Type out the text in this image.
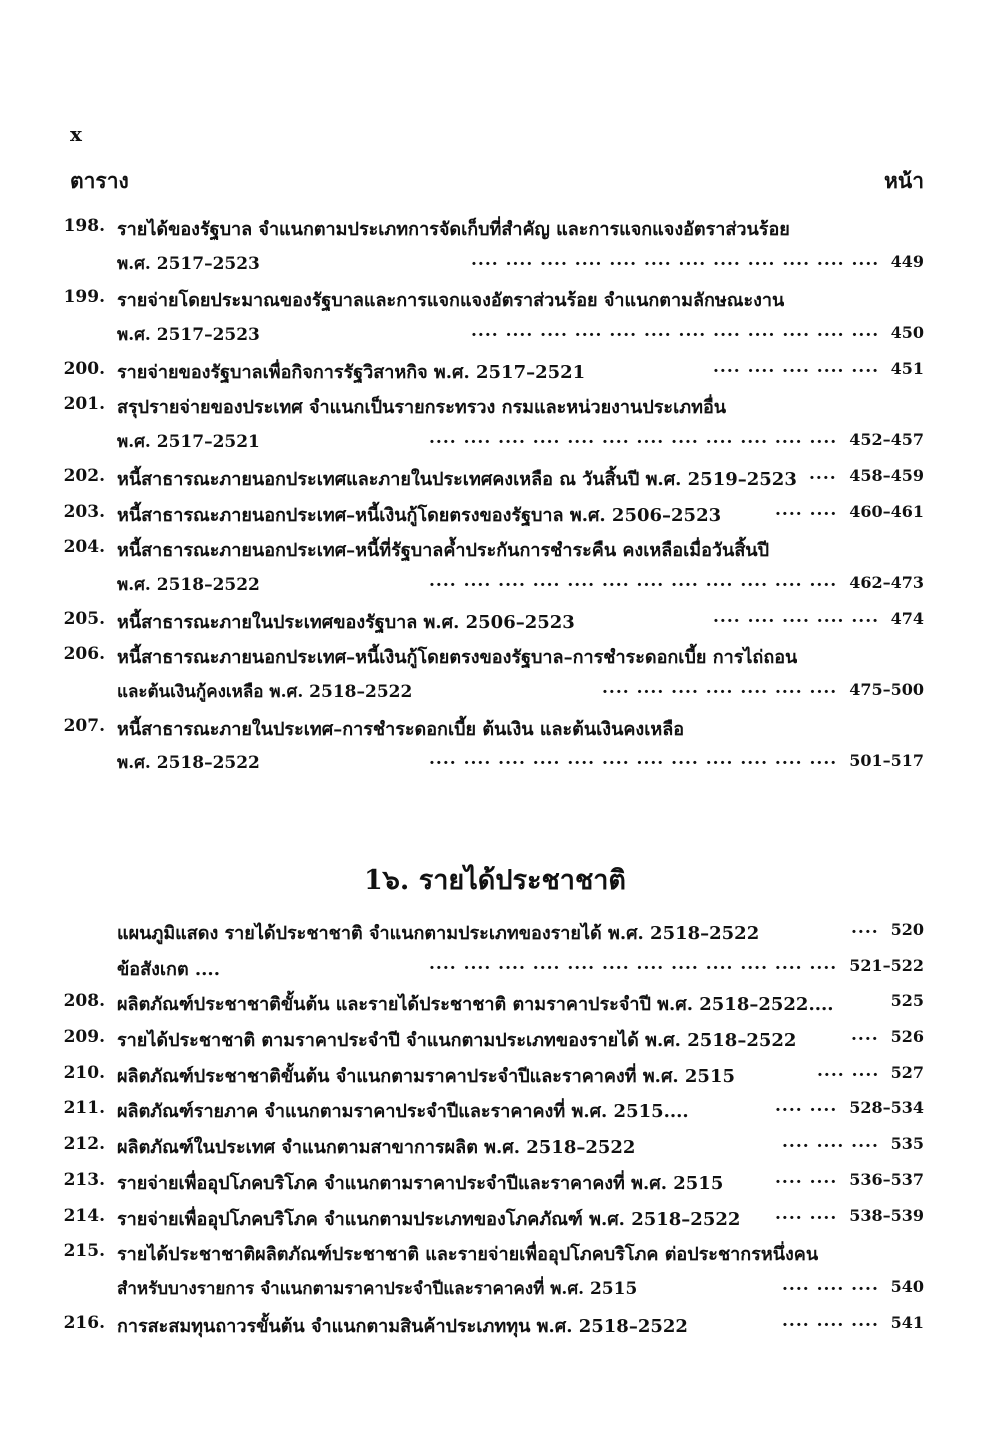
x
ตาราง	หน้า
198. รายได้ของรัฐบาล จำแนกตามประเภทการจัดเก็บที่สำคัญ และการแจกแจงอัตราส่วนร้อย
พ.ศ. 2517–2523	.... .... .... .... .... .... .... .... .... .... .... .... 449
199. รายจ่ายโดยประมาณของรัฐบาลและการแจกแจงอัตราส่วนร้อย จำแนกตามลักษณะงาน
พ.ศ. 2517–2523	.... .... .... .... .... .... .... .... .... .... .... .... 450
200. รายจ่ายของรัฐบาลเพื่อกิจการรัฐวิสาหกิจ พ.ศ. 2517–2521	.... .... .... .... .... 451
201. สรุปรายจ่ายของประเทศ จำแนกเป็นรายกระทรวง กรมและหน่วยงานประเภทอื่น
พ.ศ. 2517–2521	.... .... .... .... .... .... .... .... .... .... .... .... 452–457
202. หนี้สาธารณะภายนอกประเทศและภายในประเทศคงเหลือ ณ วันสิ้นปี พ.ศ. 2519–2523 .... 458–459
203. หนี้สาธารณะภายนอกประเทศ–หนี้เงินกู้โดยตรงของรัฐบาล พ.ศ. 2506–2523	.... .... 460–461
204. หนี้สาธารณะภายนอกประเทศ–หนี้ที่รัฐบาลค้ำประกันการชำระคืน คงเหลือเมื่อวันสิ้นปี
พ.ศ. 2518–2522	.... .... .... .... .... .... .... .... .... .... .... .... 462–473
205. หนี้สาธารณะภายในประเทศของรัฐบาล พ.ศ. 2506–2523	.... .... .... .... .... 474
206. หนี้สาธารณะภายนอกประเทศ–หนี้เงินกู้โดยตรงของรัฐบาล–การชำระดอกเบี้ย การไถ่ถอน
และต้นเงินกู้คงเหลือ พ.ศ. 2518–2522	.... .... .... .... .... .... .... 475–500
207. หนี้สาธารณะภายในประเทศ–การชำระดอกเบี้ย ต้นเงิน และต้นเงินคงเหลือ
พ.ศ. 2518–2522	.... .... .... .... .... .... .... .... .... .... .... .... 501–517
1๖. รายได้ประชาชาติ
แผนภูมิแสดง รายได้ประชาชาติ จำแนกตามประเภทของรายได้ พ.ศ. 2518–2522	.... 520
ข้อสังเกต ....	.... .... .... .... .... .... .... .... .... .... .... .... 521–522
208. ผลิตภัณฑ์ประชาชาติขั้นต้น และรายได้ประชาชาติ ตามราคาประจำปี พ.ศ. 2518–2522....	525
209. รายได้ประชาชาติ ตามราคาประจำปี จำแนกตามประเภทของรายได้ พ.ศ. 2518–2522	.... 526
210. ผลิตภัณฑ์ประชาชาติขั้นต้น จำแนกตามราคาประจำปีและราคาคงที่ พ.ศ. 2515	.... .... 527
211. ผลิตภัณฑ์รายภาค จำแนกตามราคาประจำปีและราคาคงที่ พ.ศ. 2515....	.... .... 528–534
212. ผลิตภัณฑ์ในประเทศ จำแนกตามสาขาการผลิต พ.ศ. 2518–2522	.... .... .... 535
213. รายจ่ายเพื่ออุปโภคบริโภค จำแนกตามราคาประจำปีและราคาคงที่ พ.ศ. 2515	.... .... 536–537
214. รายจ่ายเพื่ออุปโภคบริโภค จำแนกตามประเภทของโภคภัณฑ์ พ.ศ. 2518–2522 .... .... 538–539
215. รายได้ประชาชาติผลิตภัณฑ์ประชาชาติ และรายจ่ายเพื่ออุปโภคบริโภค ต่อประชากรหนึ่งคน
สำหรับบางรายการ จำแนกตามราคาประจำปีและราคาคงที่ พ.ศ. 2515	.... .... .... 540
216. การสะสมทุนถาวรขั้นต้น จำแนกตามสินค้าประเภททุน พ.ศ. 2518–2522	.... .... .... 541
